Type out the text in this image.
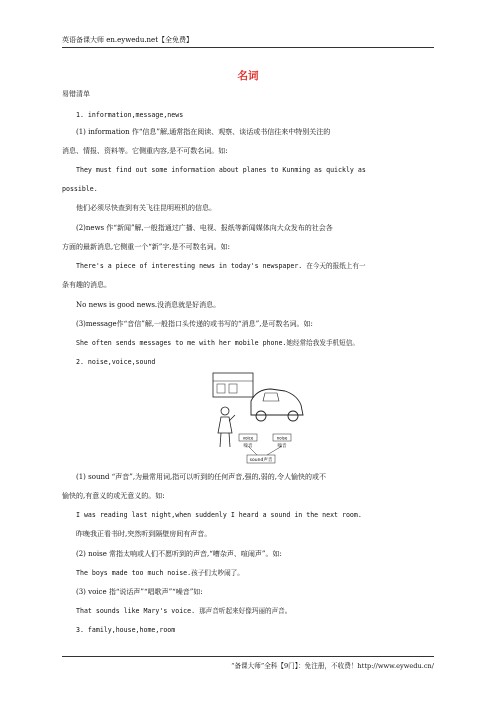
英语备课大师 en.eywedu.net【全免费】
名词
易错清单
1. information,message,news
(1) information 作“信息”解,通常指在阅读、观察、谈话或书信往来中特别关注的
消息、情报、资料等。它侧重内容,是不可数名词。如:
They must find out some information about planes to Kunming as quickly as
possible.
他们必须尽快查到有关飞往昆明班机的信息。
(2)news 作“新闻”解,一般指通过广播、电视、报纸等新闻媒体向大众发布的社会各
方面的最新消息,它侧重一个“新”字,是不可数名词。如:
There's a piece of interesting news in today's newspaper. 在今天的报纸上有一
条有趣的消息。
No news is good news.没消息就是好消息。
(3)message作“音信”解,一般指口头传递的或书写的“消息”,是可数名词。如:
She often sends messages to me with her mobile phone.她经常给我发手机短信。
2. noise,voice,sound
voice
噪音
noise
噪音
sound声音
(1) sound “声音”,为最常用词,指可以听到的任何声音,强的,弱的,令人愉快的或不
愉快的,有意义的或无意义的。如:
I was reading last night,when suddenly I heard a sound in the next room.
昨晚我正看书时,突然听到隔壁房间有声音。
(2) noise 常指太响或人们不愿听到的声音,“嘈杂声、喧闹声”。如:
The boys made too much noise.孩子们太吵闹了。
(3) voice 指“说话声”“唱歌声”“噪音”如:
That sounds like Mary's voice. 那声音听起来好像玛丽的声音。
3. family,house,home,room
“备课大师”全科【9门】：免注册，不收费！http://www.eywedu.cn/
